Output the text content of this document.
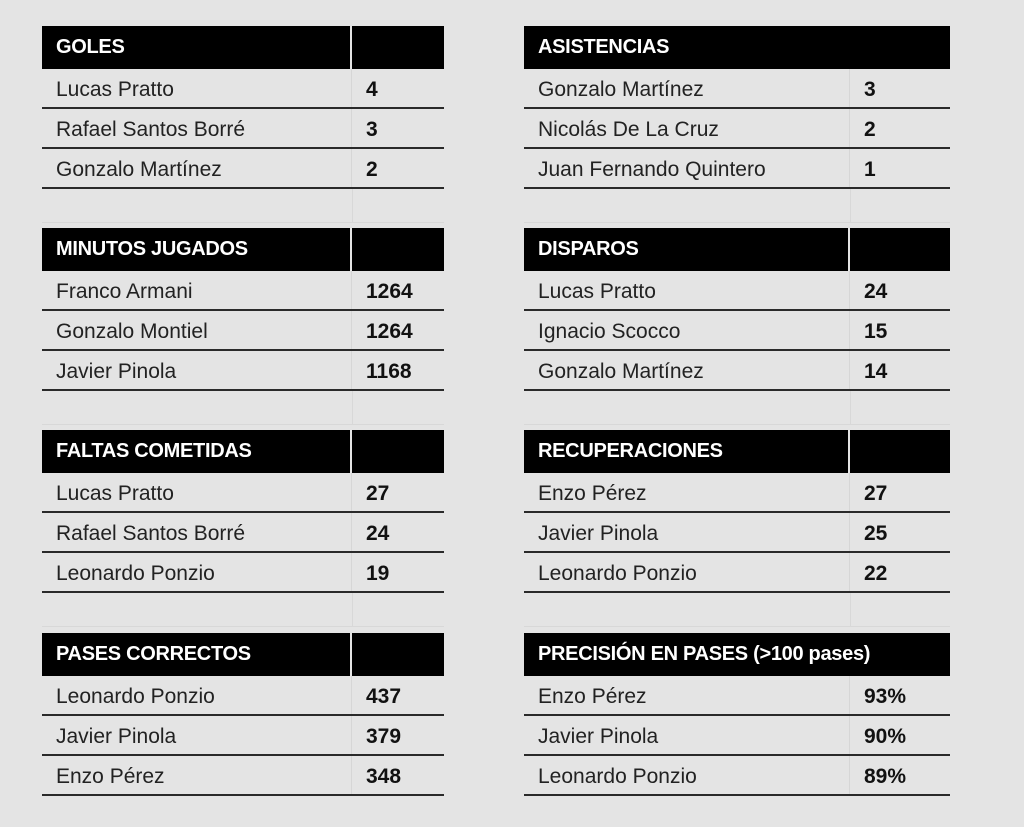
GOLES
Lucas Pratto	4
Rafael Santos Borré	3
Gonzalo Martínez	2
ASISTENCIAS
Gonzalo Martínez	3
Nicolás De La Cruz	2
Juan Fernando Quintero	1
MINUTOS JUGADOS
Franco Armani	1264
Gonzalo Montiel	1264
Javier Pinola	1168
DISPAROS
Lucas Pratto	24
Ignacio Scocco	15
Gonzalo Martínez	14
FALTAS COMETIDAS
Lucas Pratto	27
Rafael Santos Borré	24
Leonardo Ponzio	19
RECUPERACIONES
Enzo Pérez	27
Javier Pinola	25
Leonardo Ponzio	22
PASES CORRECTOS
Leonardo Ponzio	437
Javier Pinola	379
Enzo Pérez	348
PRECISIÓN EN PASES (>100 pases)
Enzo Pérez	93%
Javier Pinola	90%
Leonardo Ponzio	89%
